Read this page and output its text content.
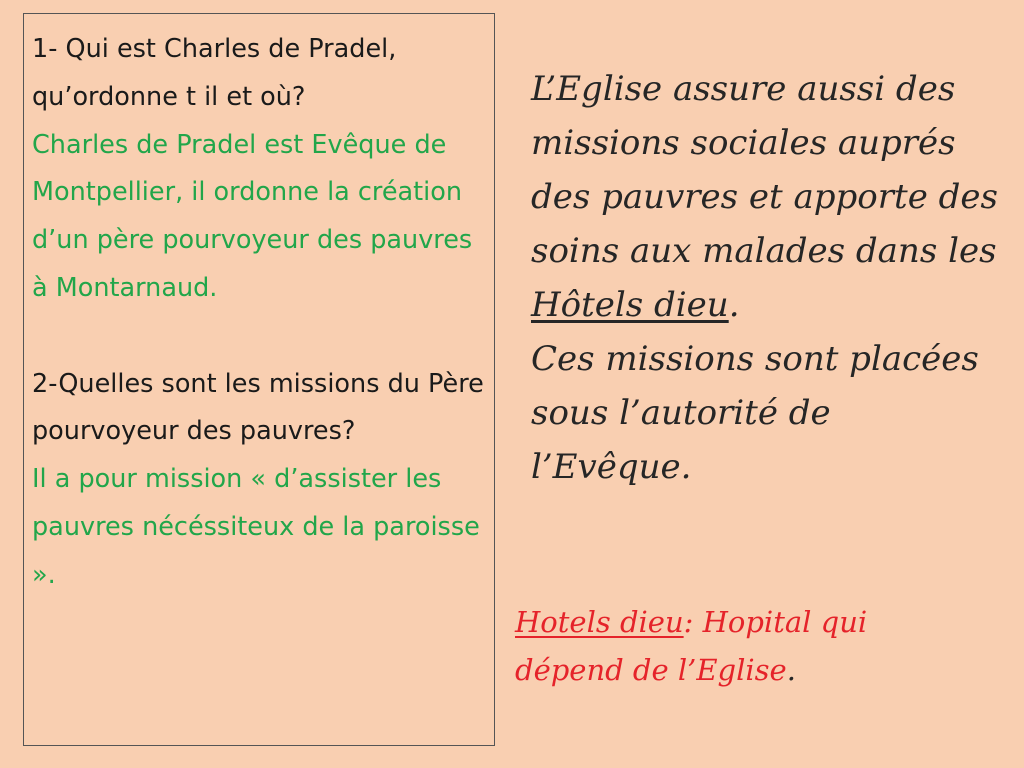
1- Qui est Charles de Pradel, qu’ordonne t il et où?

Charles de Pradel est Evêque de Montpellier, il ordonne la création d’un père pourvoyeur des pauvres à Montarnaud.

2-Quelles sont les missions du Père pourvoyeur des pauvres?

Il a pour mission « d’assister les pauvres nécéssiteux de la paroisse ».

L’Eglise assure aussi des missions sociales auprés des pauvres et apporte des soins aux malades dans les Hôtels dieu.

Ces missions sont placées sous l’autorité de l’Evêque.

Hotels dieu: Hopital qui dépend de l’Eglise.
